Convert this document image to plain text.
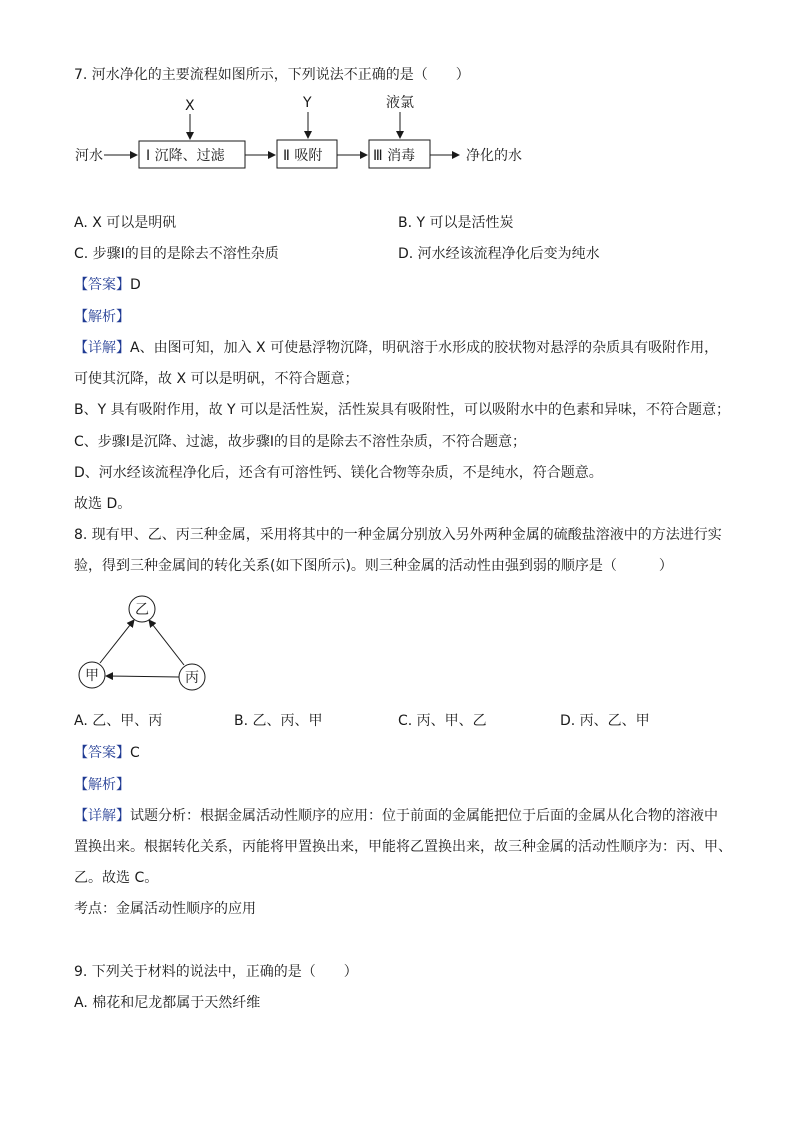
7. 河水净化的主要流程如图所示，下列说法不正确的是（　　）
河水	Ⅰ 沉降、过滤	Ⅱ 吸附	Ⅲ 消毒	净化的水
X	Y	液氯
A. X 可以是明矾	B. Y 可以是活性炭
C. 步骤Ⅰ的目的是除去不溶性杂质	D. 河水经该流程净化后变为纯水
【答案】D
【解析】
【详解】A、由图可知，加入 X 可使悬浮物沉降，明矾溶于水形成的胶状物对悬浮的杂质具有吸附作用，
可使其沉降，故 X 可以是明矾，不符合题意；
B、Y 具有吸附作用，故 Y 可以是活性炭，活性炭具有吸附性，可以吸附水中的色素和异味，不符合题意；
C、步骤Ⅰ是沉降、过滤，故步骤Ⅰ的目的是除去不溶性杂质，不符合题意；
D、河水经该流程净化后，还含有可溶性钙、镁化合物等杂质，不是纯水，符合题意。
故选 D。
8. 现有甲、乙、丙三种金属，采用将其中的一种金属分别放入另外两种金属的硫酸盐溶液中的方法进行实
验，得到三种金属间的转化关系(如下图所示)。则三种金属的活动性由强到弱的顺序是（　　　）
乙
甲	丙
A. 乙、甲、丙	B. 乙、丙、甲	C. 丙、甲、乙	D. 丙、乙、甲
【答案】C
【解析】
【详解】试题分析：根据金属活动性顺序的应用：位于前面的金属能把位于后面的金属从化合物的溶液中
置换出来。根据转化关系，丙能将甲置换出来，甲能将乙置换出来，故三种金属的活动性顺序为：丙、甲、
乙。故选 C。
考点：金属活动性顺序的应用
9. 下列关于材料的说法中，正确的是（　　）
A. 棉花和尼龙都属于天然纤维
